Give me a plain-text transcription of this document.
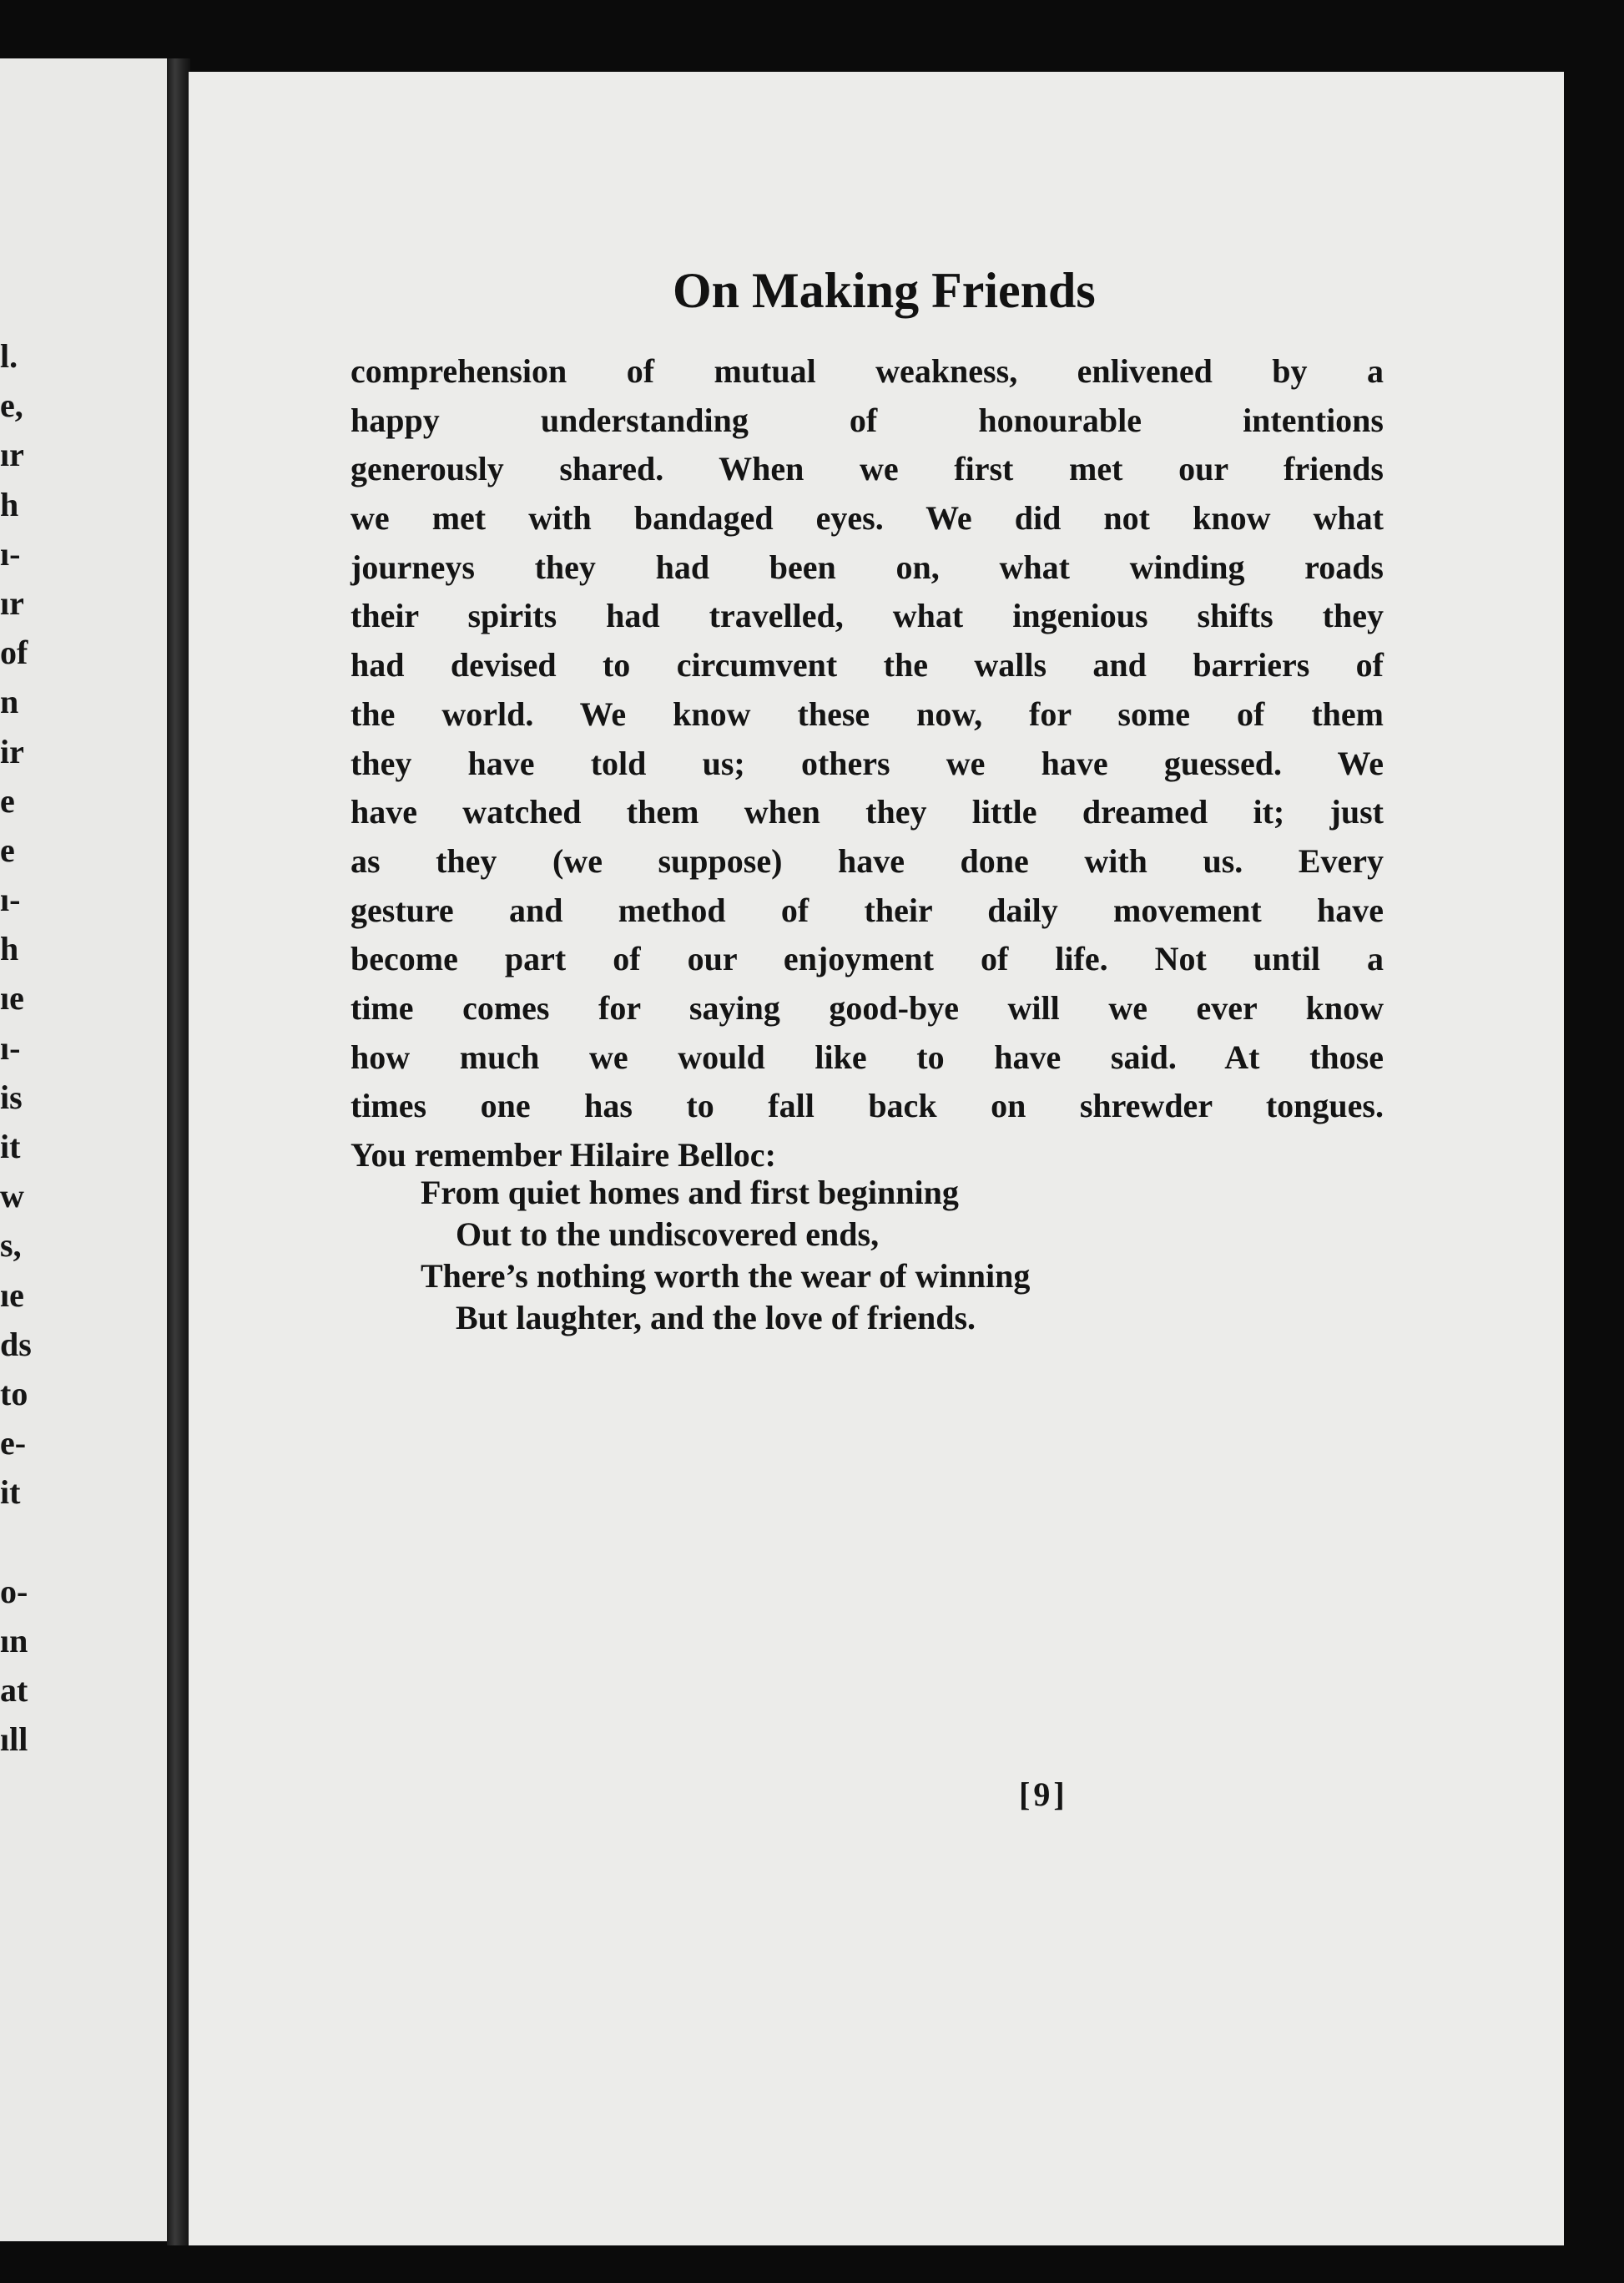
l.
e,
ır
h
ı-
ır
of
n
ir
e
e
ı-
h
ıe
ı-
is
it
w
s,
ıe
ds
to
e-
it
o-
ın
at
ıll
On Making Friends
comprehension of mutual weakness, enlivened by a
happy understanding of honourable intentions
generously shared. When we first met our friends
we met with bandaged eyes. We did not know what
journeys they had been on, what winding roads
their spirits had travelled, what ingenious shifts they
had devised to circumvent the walls and barriers of
the world. We know these now, for some of them
they have told us; others we have guessed. We
have watched them when they little dreamed it; just
as they (we suppose) have done with us. Every
gesture and method of their daily movement have
become part of our enjoyment of life. Not until a
time comes for saying good-bye will we ever know
how much we would like to have said. At those
times one has to fall back on shrewder tongues.
You remember Hilaire Belloc:
From quiet homes and first beginning
Out to the undiscovered ends,
There’s nothing worth the wear of winning
But laughter, and the love of friends.
[9]
